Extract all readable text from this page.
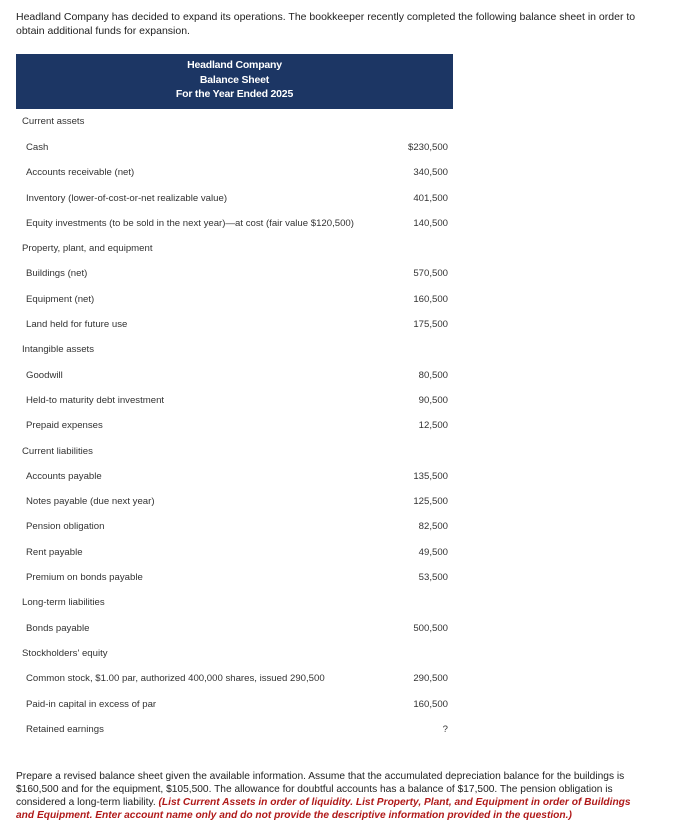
Headland Company has decided to expand its operations. The bookkeeper recently completed the following balance sheet in order to obtain additional funds for expansion.
Headland Company
Balance Sheet
For the Year Ended 2025
Current assets
Cash	$230,500
Accounts receivable (net)	340,500
Inventory (lower-of-cost-or-net realizable value)	401,500
Equity investments (to be sold in the next year)—at cost (fair value $120,500)	140,500
Property, plant, and equipment
Buildings (net)	570,500
Equipment (net)	160,500
Land held for future use	175,500
Intangible assets
Goodwill	80,500
Held-to maturity debt investment	90,500
Prepaid expenses	12,500
Current liabilities
Accounts payable	135,500
Notes payable (due next year)	125,500
Pension obligation	82,500
Rent payable	49,500
Premium on bonds payable	53,500
Long-term liabilities
Bonds payable	500,500
Stockholders' equity
Common stock, $1.00 par, authorized 400,000 shares, issued 290,500	290,500
Paid-in capital in excess of par	160,500
Retained earnings	?
Prepare a revised balance sheet given the available information. Assume that the accumulated depreciation balance for the buildings is $160,500 and for the equipment, $105,500. The allowance for doubtful accounts has a balance of $17,500. The pension obligation is considered a long-term liability. (List Current Assets in order of liquidity. List Property, Plant, and Equipment in order of Buildings and Equipment. Enter account name only and do not provide the descriptive information provided in the question.)
